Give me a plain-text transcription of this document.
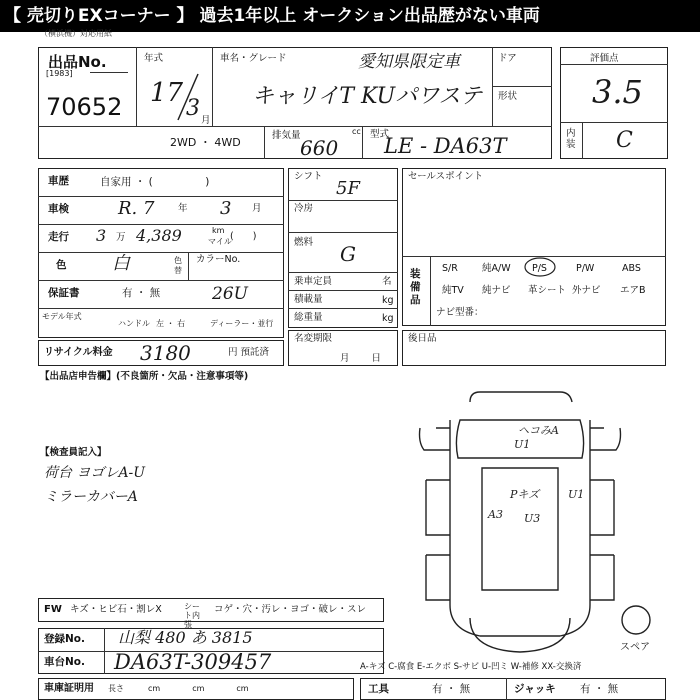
【 売切りEXコーナー 】 過去1年以上 オークション出品歴がない車両
（横浜機）対応用紙
出品No.
[1983]
70652
年式
17
3 月
車名・グレード	愛知県限定車
キャリイT KUパワステ
ドア
形状
2WD ・ 4WD
排気量	cc
660
型式
LE - DA63T
評価点
3.5
内装 C
車歴	自家用 ・ (　　　　　)
車検	R. 7 年 3 月
走行 3 万 4,389	km
マイル
(　　)
色	白	色替
カラーNo.
26U
保証書	有 ・ 無
モデル年式
ハンドル 左 ・ 右	ディーラー・並行
リサイクル料金 3180	円 預託済
シフト
5F
冷房
燃料 G
乗車定員	名
積載量	kg
総重量	kg
名変期限
月日
セールスポイント
装備品
S/R	純A/W P/S	P/W	ABS
純TV 純ナビ 革シート 外ナビ エアB
ナビ型番：
後日品
【出品店申告欄】(不良箇所・欠品・注意事項等)
【検査員記入】
荷台 ヨゴレA-U
ミラーカバーA
ヘコみA
U1
Pキズ	U1
A3 U3
スペア
FW キズ・ヒビ石・割レX	シート内張
コゲ・穴・汚レ・ヨゴ・破レ・スレ
登録No. 山梨 480 あ 3815
車台No. DA63T-309457
車庫証明用 長さ　　　cm　　　　cm　　　　cm
A-キズ C-腐食 E-エクボ S-サビ U-凹ミ W-補修 XX-交換済
工具	有 ・ 無	ジャッキ 有 ・ 無
